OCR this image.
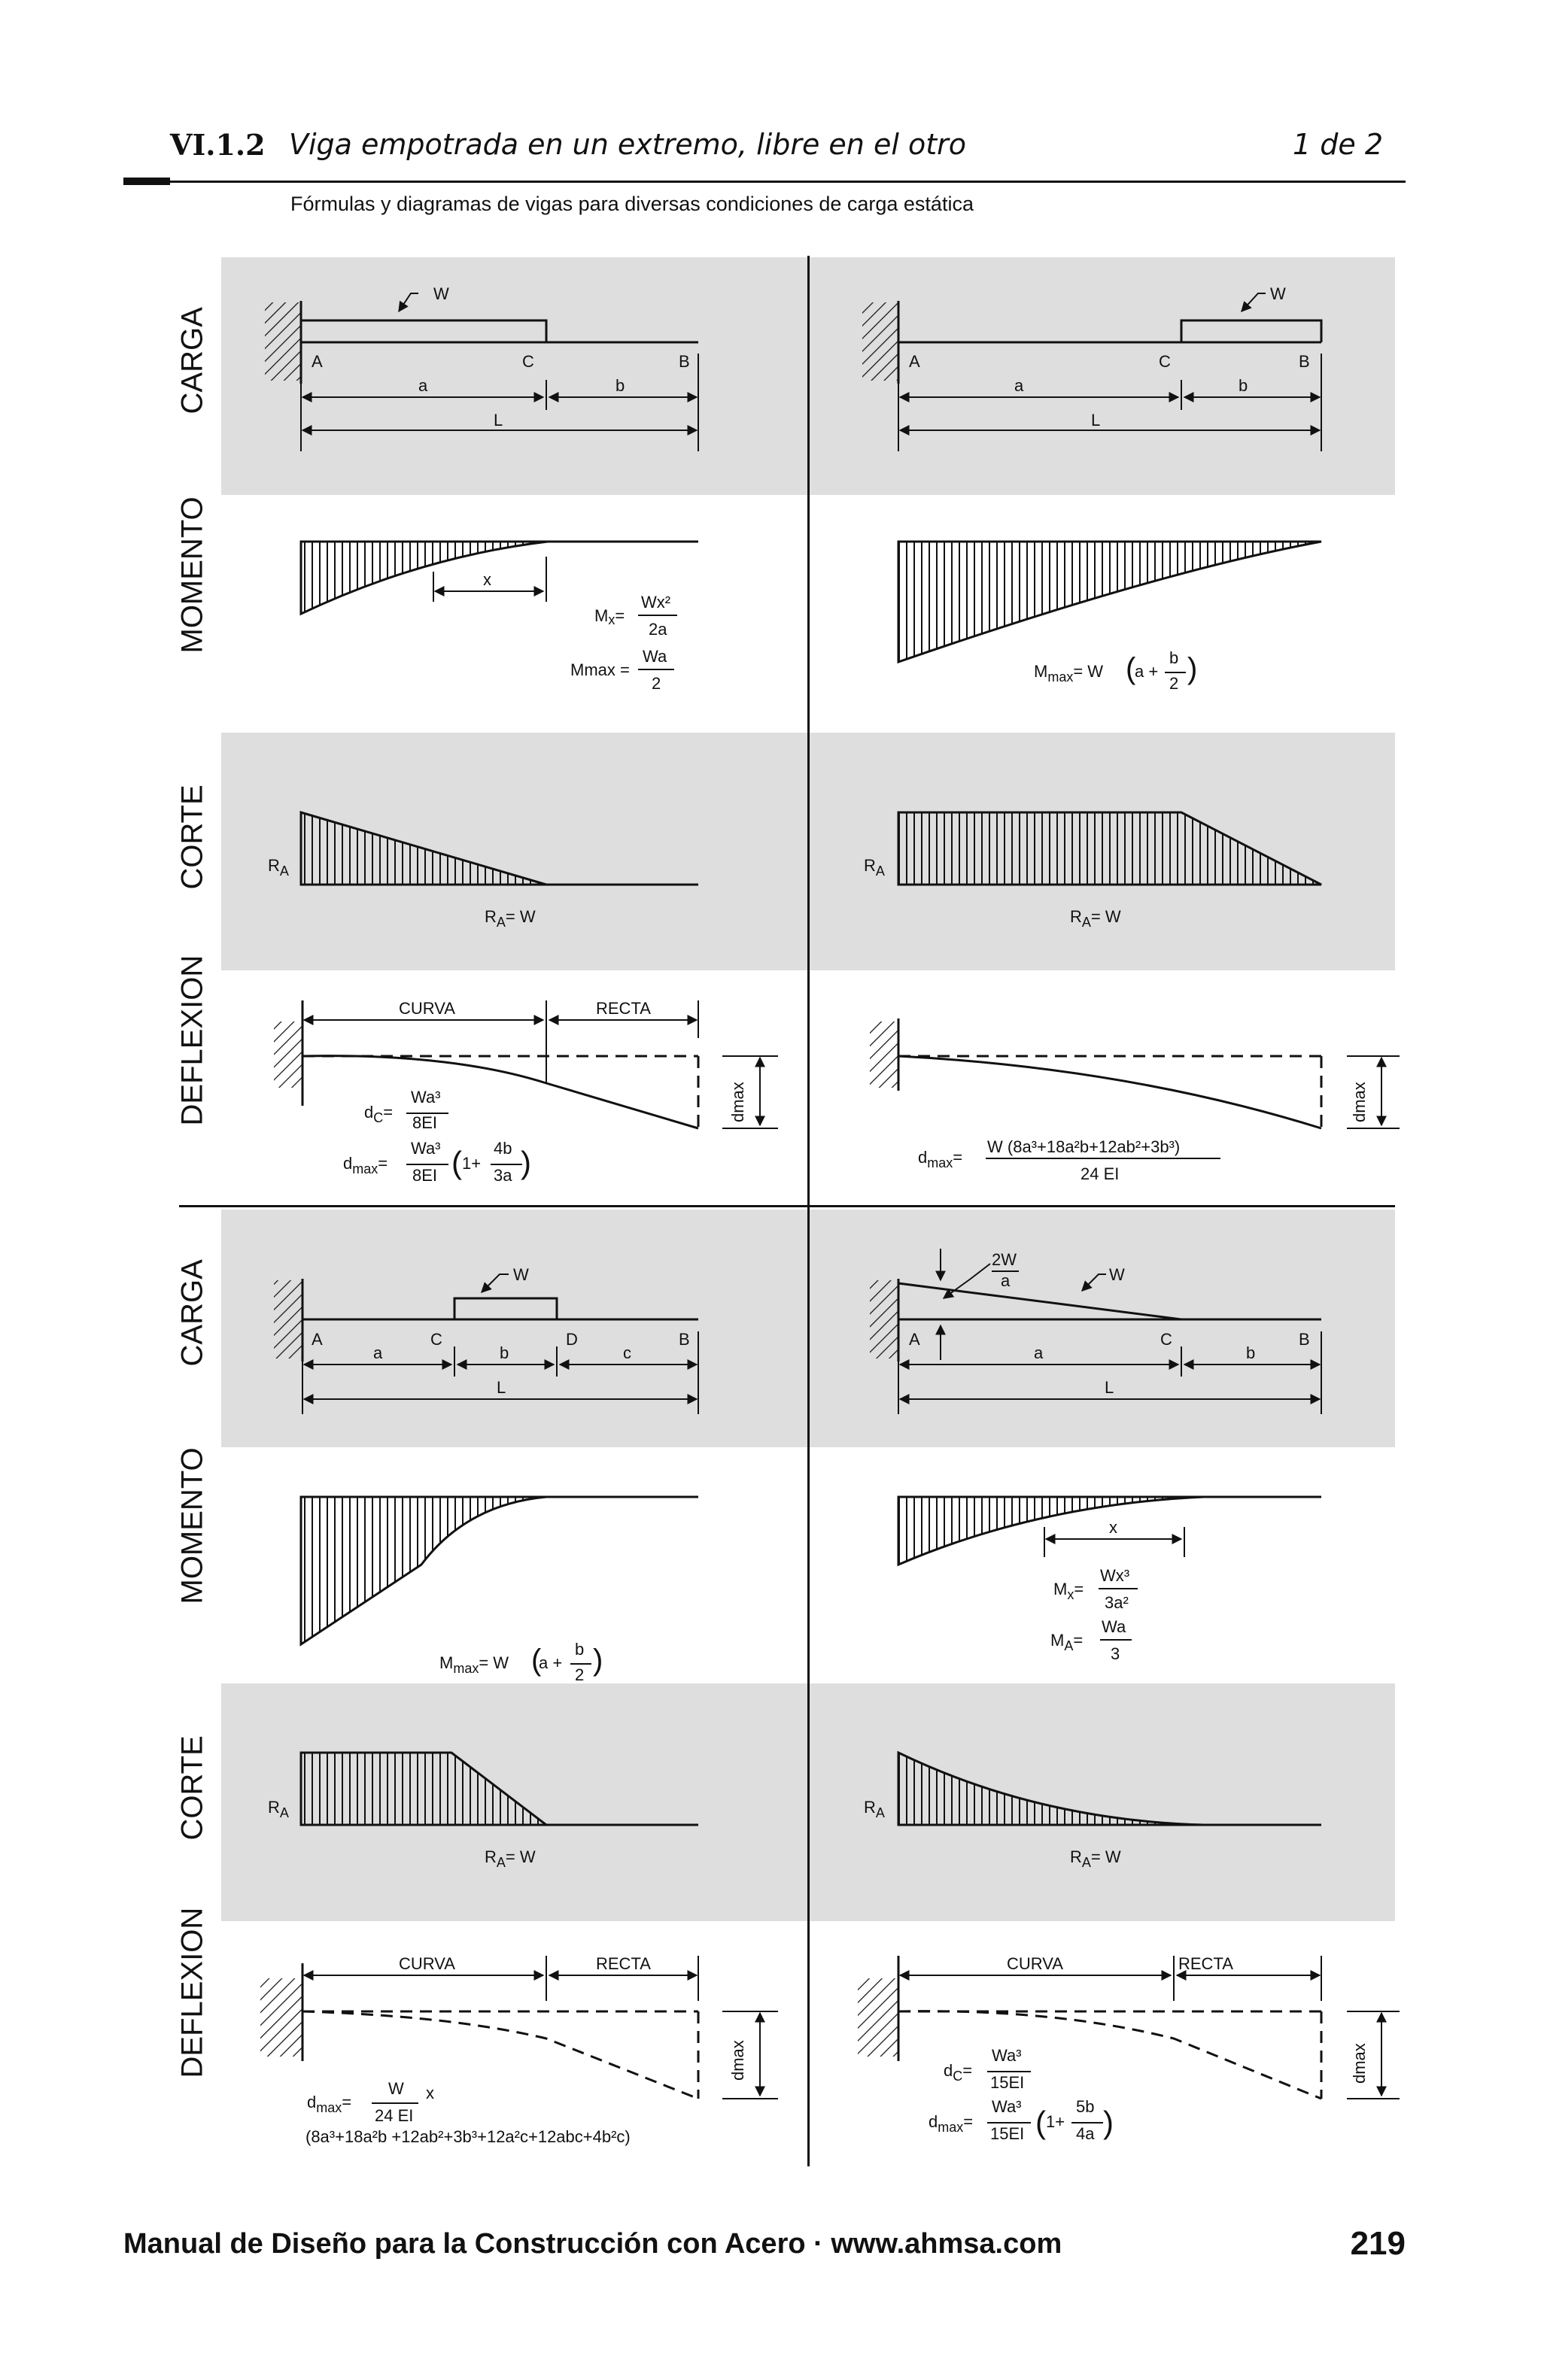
VI.1.2 Viga empotrada en un extremo, libre en el otro	1 de 2
Fórmulas y diagramas de vigas para diversas condiciones de carga estática
CARGA
MOMENTO
CORTE
DEFLEXION
CARGA
MOMENTO
CORTE
DEFLEXION
W
A	C	B
a	b
L
W
A	C	B
a	b
L
x
Mx=
Wx²
2a
Mmax =
Wa
2
$M_{max}= W$ (
a +
b
2 )
$R_A$
$R_A= W$
$R_A$
$R_A= W$
CURVA	RECTA
dmax
$d_C=$
Wa³
8EI
$d_{max}=$
Wa³
8EI ( 1+
4b
3a )
dmax
$d_{max}=$
W (8a³+18a²b+12ab²+3b³)
24 EI
W
A	C	D	B
a	b	c
L
2W
a	W
A	C	B
a	b
L
$M_{max}= W$ (
a +
b
2 )
x
$M_x=$
Wx³
3a²
$M_A=$
Wa
3
$R_A$
$R_A= W$
$R_A$
$R_A= W$
CURVA	RECTA
dmax
$d_{max}=$
W
24 EI
x
(8a³+18a²b +12ab²+3b³+12a²c+12abc+4b²c)
CURVA	RECTA
dmax
$d_C=$
Wa³
15EI
$d_{max}=$
Wa³
15EI ( 1+
5b
4a )
Manual de Diseño para la Construcción con Acero · www.ahmsa.com	219
